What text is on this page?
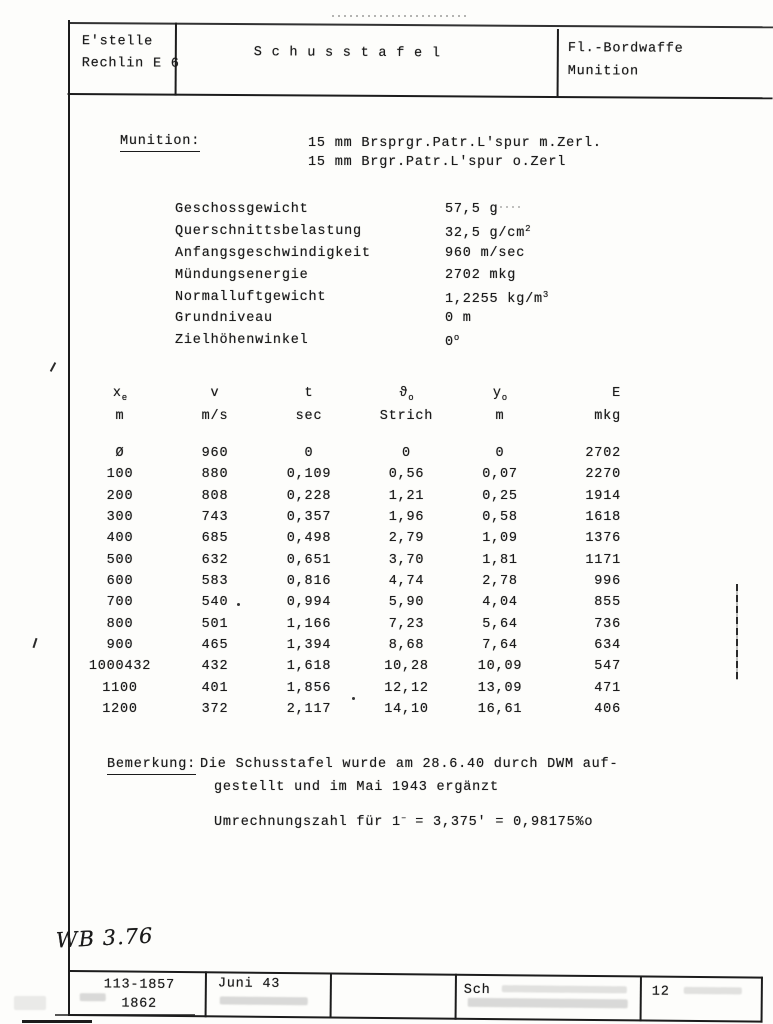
E'stelle
Rechlin E 6
S c h u s s t a f e l	Fl.-Bordwaffe
Munition
Munition:	15 mm Brsprgr.Patr.L'spur m.Zerl.
15 mm Brgr.Patr.L'spur o.Zerl
Geschossgewicht	57,5 g
Querschnittsbelastung	32,5 $g/cm^2$
Anfangsgeschwindigkeit	960 m/sec
Mündungsenergie	2702 mkg
Normalluftgewicht	1,2255 $kg/m^3$
Grundniveau	0 m
Zielhöhenwinkel	0$^o$
$x_e$	v	t	$ϑ_o$	$y_o$	E
m	m/s	sec	Strich	m	mkg
Ø	960	0	0	0	2702
100	880	0,109	0,56	0,07	2270
200	808	0,228	1,21	0,25	1914
300	743	0,357	1,96	0,58	1618
400	685	0,498	2,79	1,09	1376
500	632	0,651	3,70	1,81	1171
600	583	0,816	4,74	2,78	996
700	540	0,994	5,90	4,04	855
800	501	1,166	7,23	5,64	736
900	465	1,394	8,68	7,64	634
1000432	432	1,618	10,28	10,09	547
1100	401	1,856	12,12	13,09	471
1200	372	2,117	14,10	16,61	406
Bemerkung: Die Schusstafel wurde am 28.6.40 durch DWM auf-
gestellt und im Mai 1943 ergänzt
Umrechnungszahl für 1– = 3,375' = 0,98175%o
WB 3.76
113-1857
1862
Juni 43	Sch	12
